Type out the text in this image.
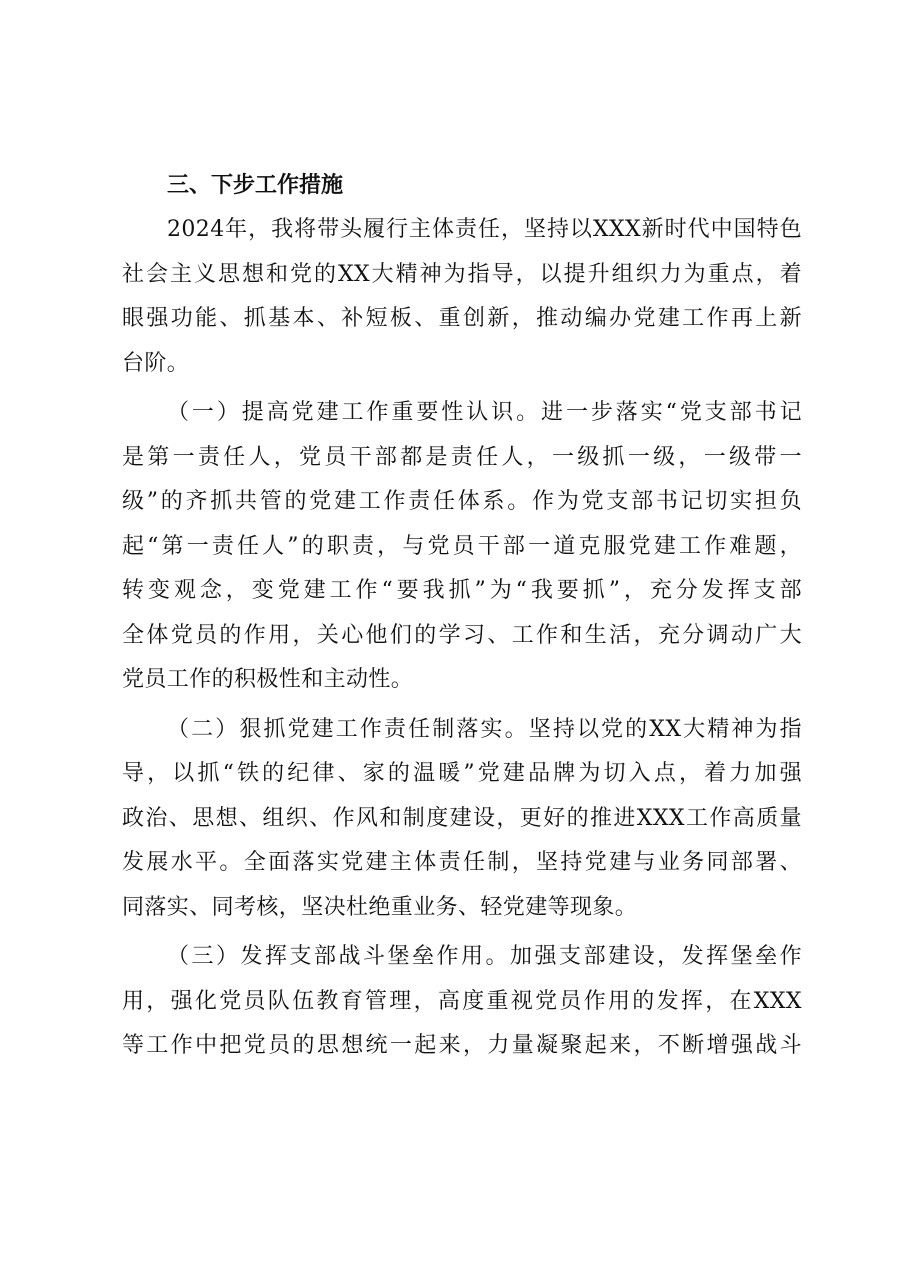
三、下步工作措施

2024年，我将带头履行主体责任，坚持以XXX新时代中国特色
社会主义思想和党的XX大精神为指导，以提升组织力为重点，着
眼强功能、抓基本、补短板、重创新，推动编办党建工作再上新
台阶。

（一）提高党建工作重要性认识。进一步落实“党支部书记
是第一责任人，党员干部都是责任人，一级抓一级，一级带一
级”的齐抓共管的党建工作责任体系。作为党支部书记切实担负
起“第一责任人”的职责，与党员干部一道克服党建工作难题，
转变观念，变党建工作“要我抓”为“我要抓”，充分发挥支部
全体党员的作用，关心他们的学习、工作和生活，充分调动广大
党员工作的积极性和主动性。

（二）狠抓党建工作责任制落实。坚持以党的XX大精神为指
导，以抓“铁的纪律、家的温暖”党建品牌为切入点，着力加强
政治、思想、组织、作风和制度建设，更好的推进XXX工作高质量
发展水平。全面落实党建主体责任制，坚持党建与业务同部署、
同落实、同考核，坚决杜绝重业务、轻党建等现象。

（三）发挥支部战斗堡垒作用。加强支部建设，发挥堡垒作
用，强化党员队伍教育管理，高度重视党员作用的发挥，在XXX
等工作中把党员的思想统一起来，力量凝聚起来，不断增强战斗
